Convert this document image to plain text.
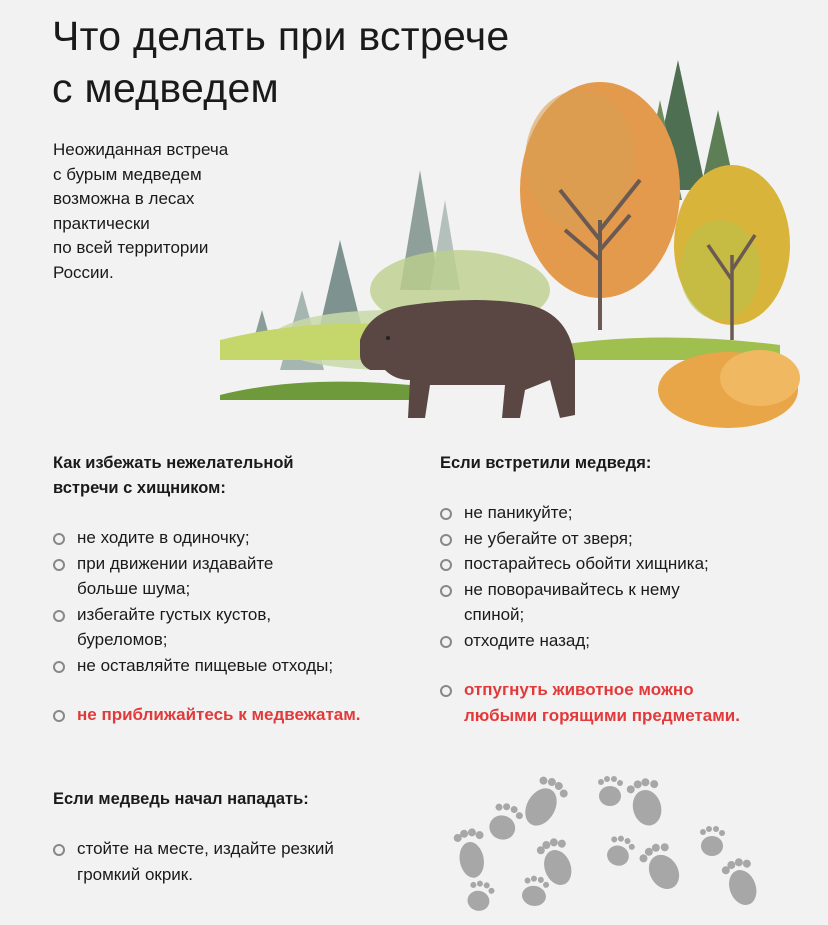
Что делать при встрече
с медведем
Неожиданная встреча
с бурым медведем
возможна в лесах
практически
по всей территории
России.
Как избежать нежелательной
встречи с хищником:
не ходите в одиночку;
при движении издавайте
больше шума;
избегайте густых кустов,
буреломов;
не оставляйте пищевые отходы;
не приближайтесь к медвежатам.
Если встретили медведя:
не паникуйте;
не убегайте от зверя;
постарайтесь обойти хищника;
не поворачивайтесь к нему
спиной;
отходите назад;
отпугнуть животное можно
любыми горящими предметами.
Если медведь начал нападать:
стойте на месте, издайте резкий
громкий окрик.
